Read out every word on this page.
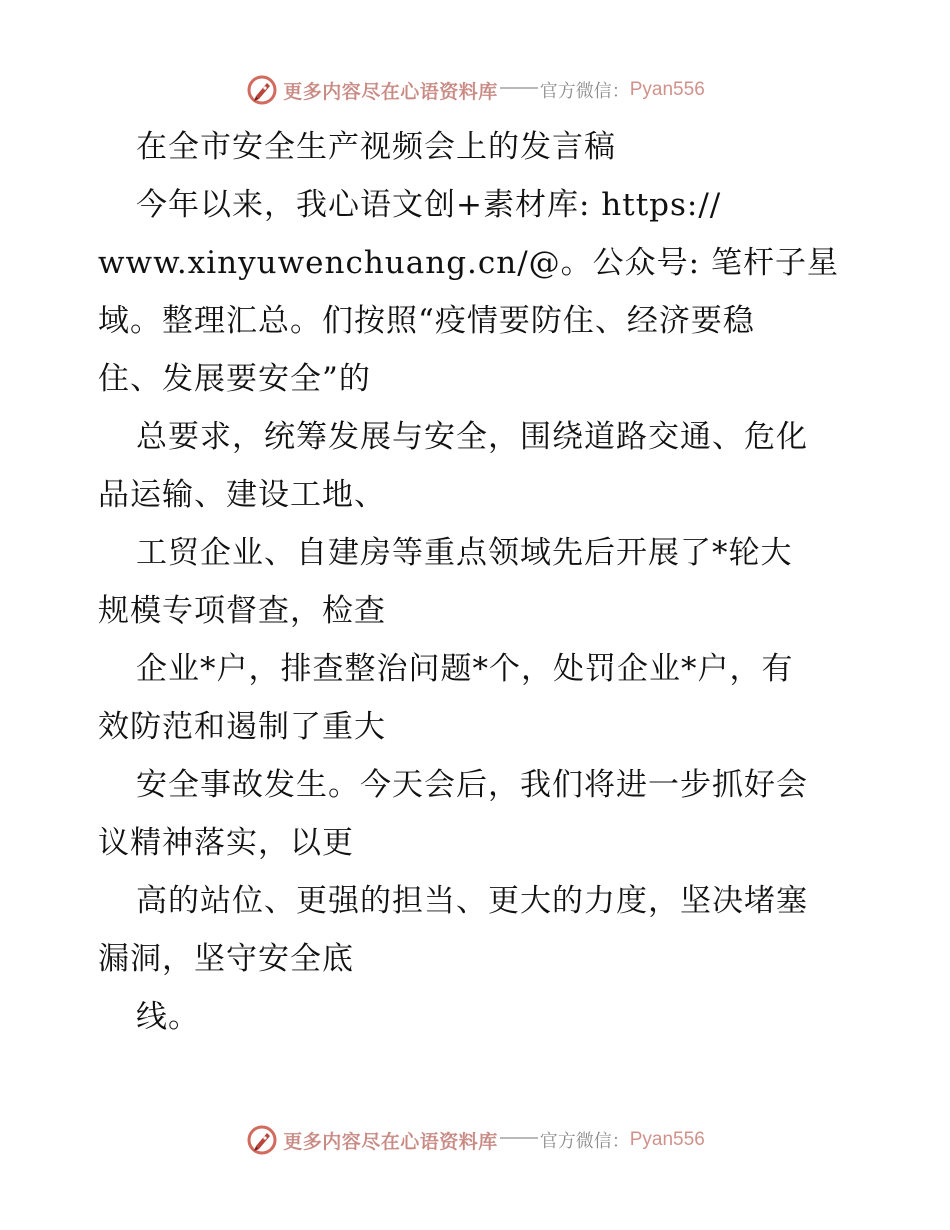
更多内容尽在心语资料库 官方微信： Pyan556
在全市安全生产视频会上的发言稿
今年以来，我心语文创+素材库: https://
www.xinyuwenchuang.cn/@。公众号: 笔杆子星
域。整理汇总。们按照“疫情要防住、经济要稳
住、发展要安全”的
总要求，统筹发展与安全，围绕道路交通、危化
品运输、建设工地、
工贸企业、自建房等重点领域先后开展了*轮大
规模专项督查，检查
企业*户，排查整治问题*个，处罚企业*户，有
效防范和遏制了重大
安全事故发生。今天会后，我们将进一步抓好会
议精神落实，以更
高的站位、更强的担当、更大的力度，坚决堵塞
漏洞，坚守安全底
线。
更多内容尽在心语资料库 官方微信： Pyan556
